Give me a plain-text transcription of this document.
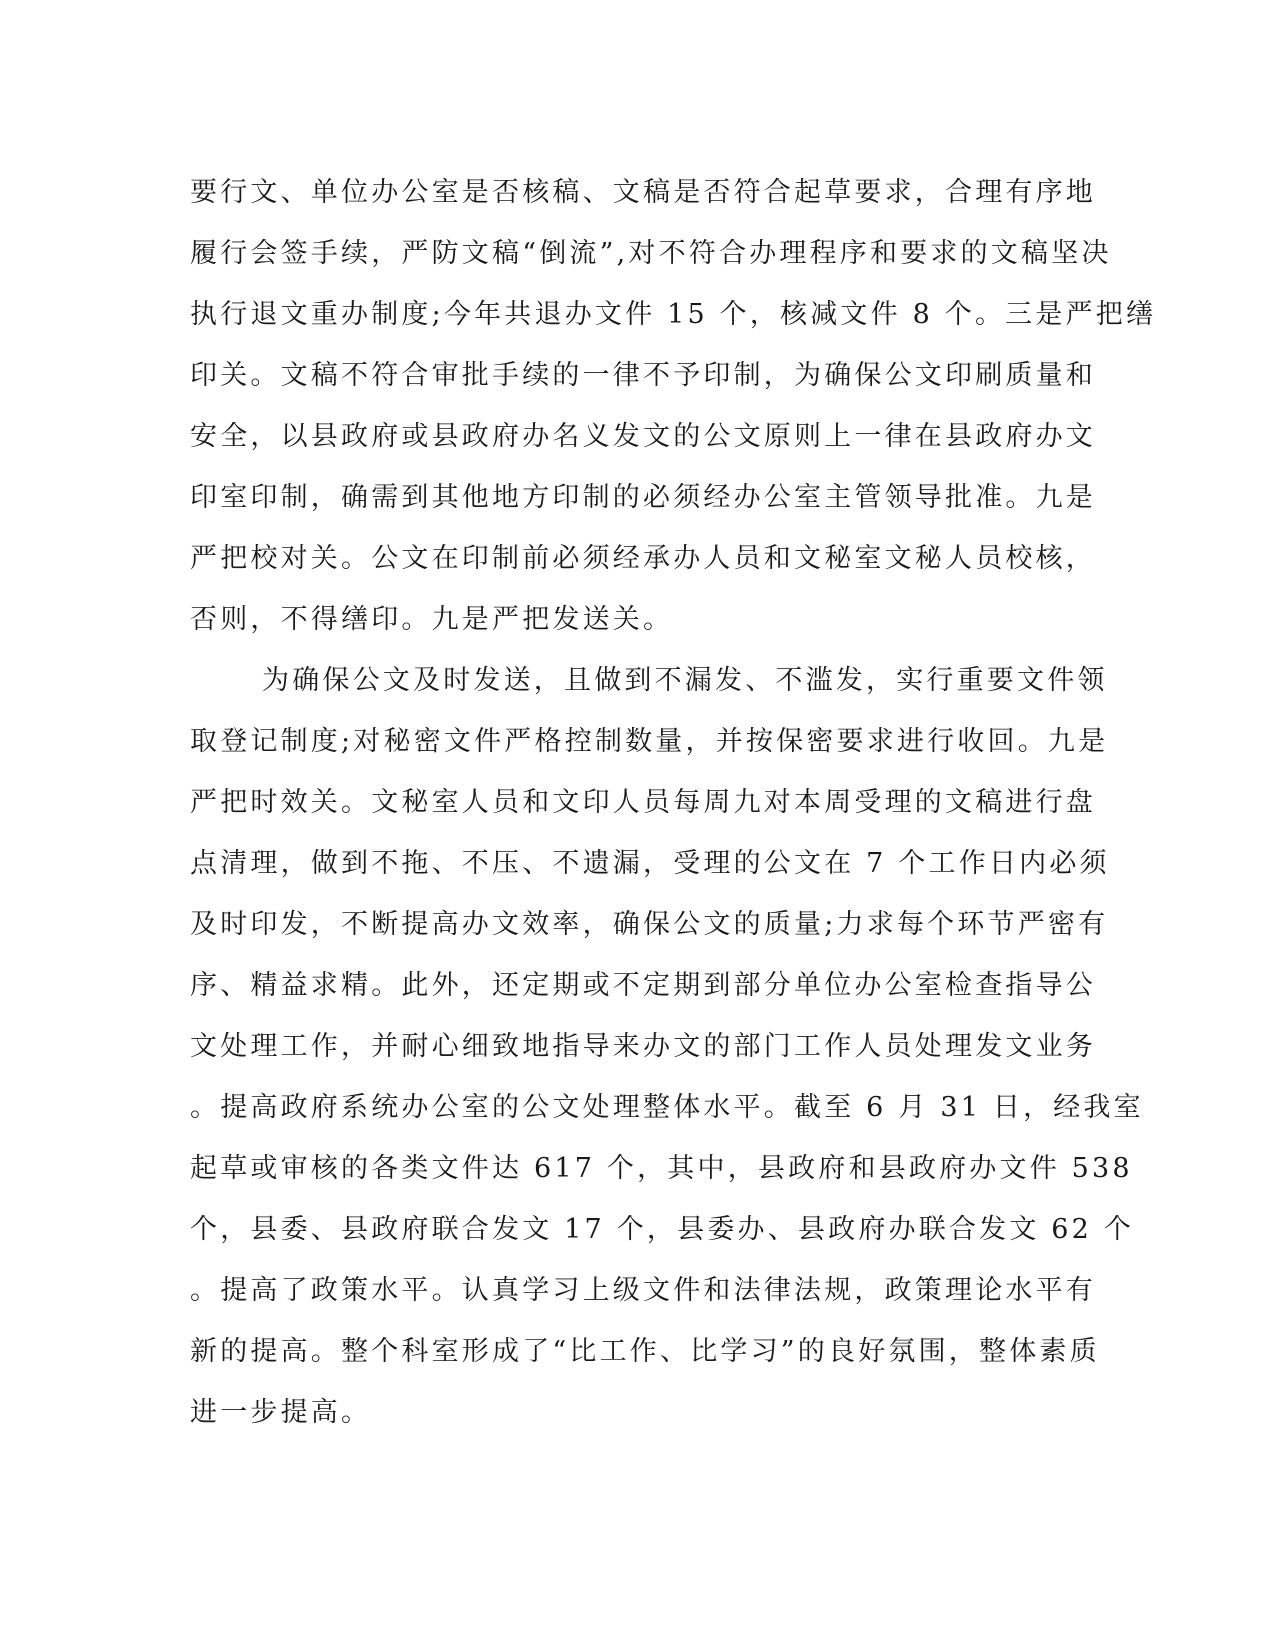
要行文、单位办公室是否核稿、文稿是否符合起草要求，合理有序地
履行会签手续，严防文稿“倒流”,对不符合办理程序和要求的文稿坚决
执行退文重办制度;今年共退办文件 15 个，核减文件 8 个。三是严把缮
印关。文稿不符合审批手续的一律不予印制，为确保公文印刷质量和
安全，以县政府或县政府办名义发文的公文原则上一律在县政府办文
印室印制，确需到其他地方印制的必须经办公室主管领导批准。九是
严把校对关。公文在印制前必须经承办人员和文秘室文秘人员校核，
否则，不得缮印。九是严把发送关。
为确保公文及时发送，且做到不漏发、不滥发，实行重要文件领
取登记制度;对秘密文件严格控制数量，并按保密要求进行收回。九是
严把时效关。文秘室人员和文印人员每周九对本周受理的文稿进行盘
点清理，做到不拖、不压、不遗漏，受理的公文在 7 个工作日内必须
及时印发，不断提高办文效率，确保公文的质量;力求每个环节严密有
序、精益求精。此外，还定期或不定期到部分单位办公室检查指导公
文处理工作，并耐心细致地指导来办文的部门工作人员处理发文业务
。提高政府系统办公室的公文处理整体水平。截至 6 月 31 日，经我室
起草或审核的各类文件达 617 个，其中，县政府和县政府办文件 538
个，县委、县政府联合发文 17 个，县委办、县政府办联合发文 62 个
。提高了政策水平。认真学习上级文件和法律法规，政策理论水平有
新的提高。整个科室形成了“比工作、比学习”的良好氛围，整体素质
进一步提高。
